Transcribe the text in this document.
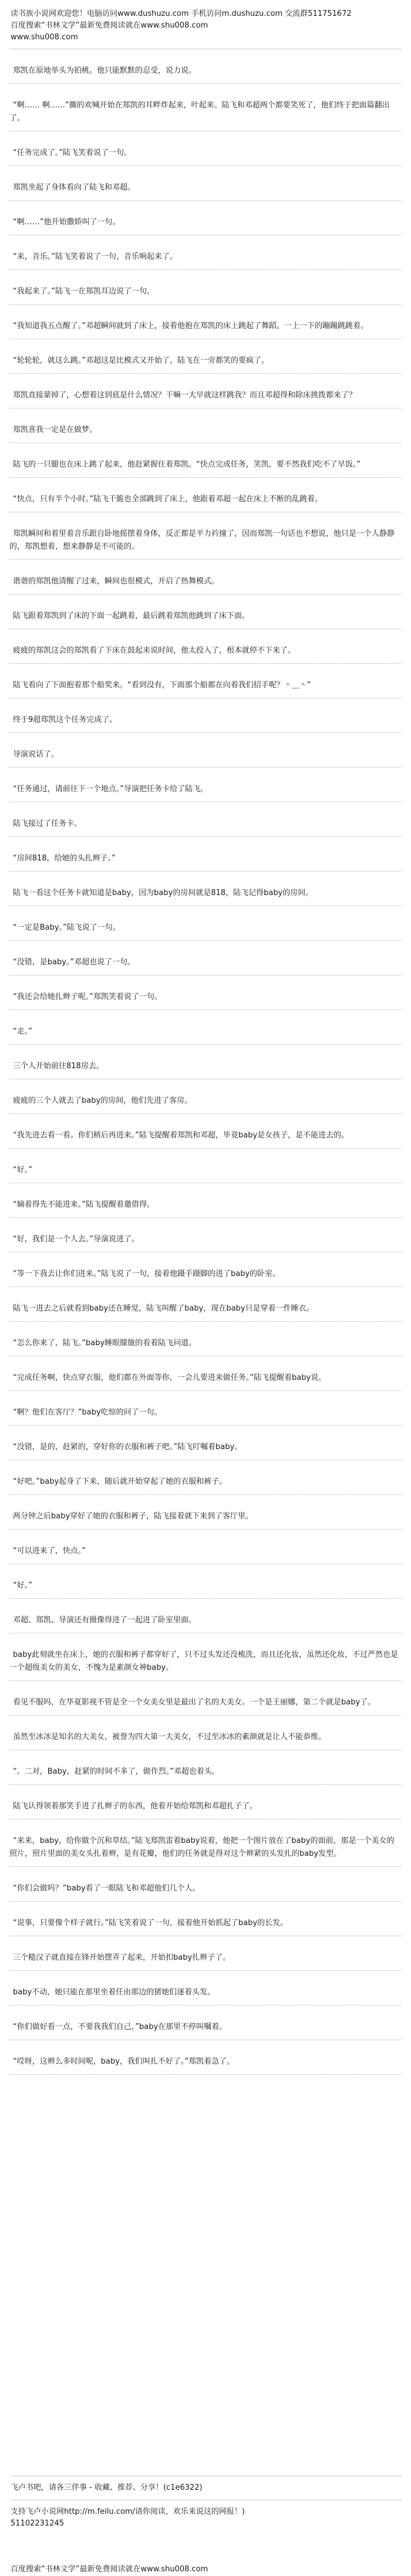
读书族小说网欢迎您！电脑访问www.dushuzu.com 手机访问m.dushuzu.com 交流群511751672
百度搜索“书林文学”最新免费阅读就在www.shu008.com
www.shu008.com
郑凯在原地举头为拍桃。他只能默默的忍受，说力说。
“啊…… 啊……”撕的欢喊开始在郑凯的耳畔炸起来，叶起来。陆飞和邓超两个都要笑死了，他们终于把面篇翻出了。
“任务完成了。”陆飞笑着说了一句。
郑凯坐起了身体看向了陆飞和邓超。
“啊……”他开始撒娇叫了一句。
“来，音乐。”陆飞笑着说了一句，音乐响起来了。
“我起来了。”陆飞一在郑凯耳边说了一句。
“我知道我五点醒了。”邓超瞬间就到了床上，接着他抱在郑凯的床上跳起了舞蹈。一上一下的蹦蹦跳跳着。
“轮轮轮，就这么跳。”邓超这是比模式又开始了，陆飞在一旁都笑的要疯了。
郑凯直接蒙掉了，心想着这到底是什么情况？干嘛一大早就这样跳我？而且邓超得和除床挑拨都来了？
郑凯喜我一定是在做梦。
陆飞的一只腿也在床上跳了起来，他赶紧握住着郑凯。“快点完成任务，笑凯，要不然我们吃不了早饭。”
“快点，只有半个小时。”陆飞干脆也全部跳到了床上，他跟着邓超一起在床上不断的乱跳着。
郑凯瞬间和着里着音乐跟自卧地摇摆着身体，反正都是平力衿撞了，因而郑凯一句话也不想说，他只是一个人静静的，郑凯想着，想来静静是不可能的。
谐谐的郑凯他清醒了过来，瞬间也很模式，开启了热舞模式。
陆飞跟着郑凯到了床的下面一起跳着，最后跳着郑凯他跳到了床下面。
疲疲的郑凯这会的郑凯看了下床在鼓起来说时间，他太投入了，根本就停不下来了。
陆飞看向了下面抱着那个船奖来。“看到没有，下面那个船都在向着我们招手呢？＾＿＾”
终于9超郑凯这个任务完成了。
导演说话了。
“任务通过，请前往下一个地点。”导演把任务卡给了陆飞。
陆飞接过了任务卡。
“房间818，给她的头扎辫子。”
陆飞一看这个任务卡就知道是baby，因为baby的房间就是818，陆飞记得baby的房间。
“一定是Baby。”陆飞说了一句。
“没错，是baby。”邓超也说了一句。
“我还会给她扎辫子呢。”郑凯笑着说了一句。
“走。”
三个人开始前往818房去。
疲疲的三个人就去了baby的房间，他们先进了客房。
“我先进去看一看。你们稍后再进来。”陆飞提醒着郑凯和邓超，毕竟baby是女孩子，是不能进去的。
“好。”
“嫡着得先不能进来。”陆飞提醒着邀借得。
“好，我们是一个人去。”导演说进了。
“等一下我去让你们进来。”陆飞说了一句，接着他蹑手蹑脚的进了baby的卧室。
陆飞一进去之后就看到baby还在睡觉，陆飞叫醒了baby，现在baby只是穿着一件睡衣。
“怎么你来了，陆飞。”baby睡眼朦胧的看着陆飞问道。
“完成任务啊，快点穿衣服，他们都在外面等你，一会儿要进来做任务。”陆飞提醒着baby说。
“啊？他们在客厅？”baby吃惊的问了一句。
“没错，是的，赶紧的，穿好你的衣服和裤子吧。”陆飞叮嘱着baby。
“好吧。”baby起身了下来，随后就开始穿起了她的衣服和裤子。
两分钟之后baby穿好了她的衣服和裤子，陆飞接着就下来到了客厅里。
“可以进来了，快点。”
“好。”
邓超、郑凯、导演还有摄像得进了一起进了卧室里面。
baby此刻就坐在床上，她的衣服和裤子都穿好了，只不过头发还没梳洗，而且还化妆，虽然还化妆，不过严然也是一个超级美女的美女，不愧为是素颜女神baby。
看见不服吗，在华夏影视不管是全一个女美女里是最出了名的大美女。一个是王丽娜，第二个就是baby了。
虽然至冰冰是知名的大美女，被誉为四大第一大美女，不过至冰冰的素颜就是让人不能恭维。
“、二对，Baby，赶紧的时间不多了，做作烈。”邓超也着头。
陆飞认得领着那笑手进了扎辫子的东西，他着开始给郑凯和邓超扎子了。
“来来，baby，给你做个沉和草结。”陆飞郑凯雷着baby说着，他把一个图片放在了baby的面前，那是一个美女的照片，照片里面的美女头扎着辫，是有花瓣，他们的任务就是得对这个辫紧的头发扎的baby发型。
“你们会做吗？”baby看了一眼陆飞和邓超他们几个人。
“说事，只要像个样子就行。”陆飞笑着说了一句，接着他开始抓起了baby的长发。
三个糙汉子就直接在锋开始摆弄了起来，开始扣baby扎辫子了。
baby不动，她只能在那里坐着任由那边的猪她们逐着头发。
“你们做好看一点，不要我我们自己，”baby在那里不停叫嘱着。
“哎呀，这辫么多时间呢，baby，我们叫扎不好了。”郑凯着急了。
飞卢书吧，请各三伴事 - 收藏、推荐、分享！(c1e6322)
支持飞卢小说网http://m.feilu.com/请你阅读，欢乐来说这的网报！)
51102231245
百度搜索“书林文学”最新免费阅读就在www.shu008.com
